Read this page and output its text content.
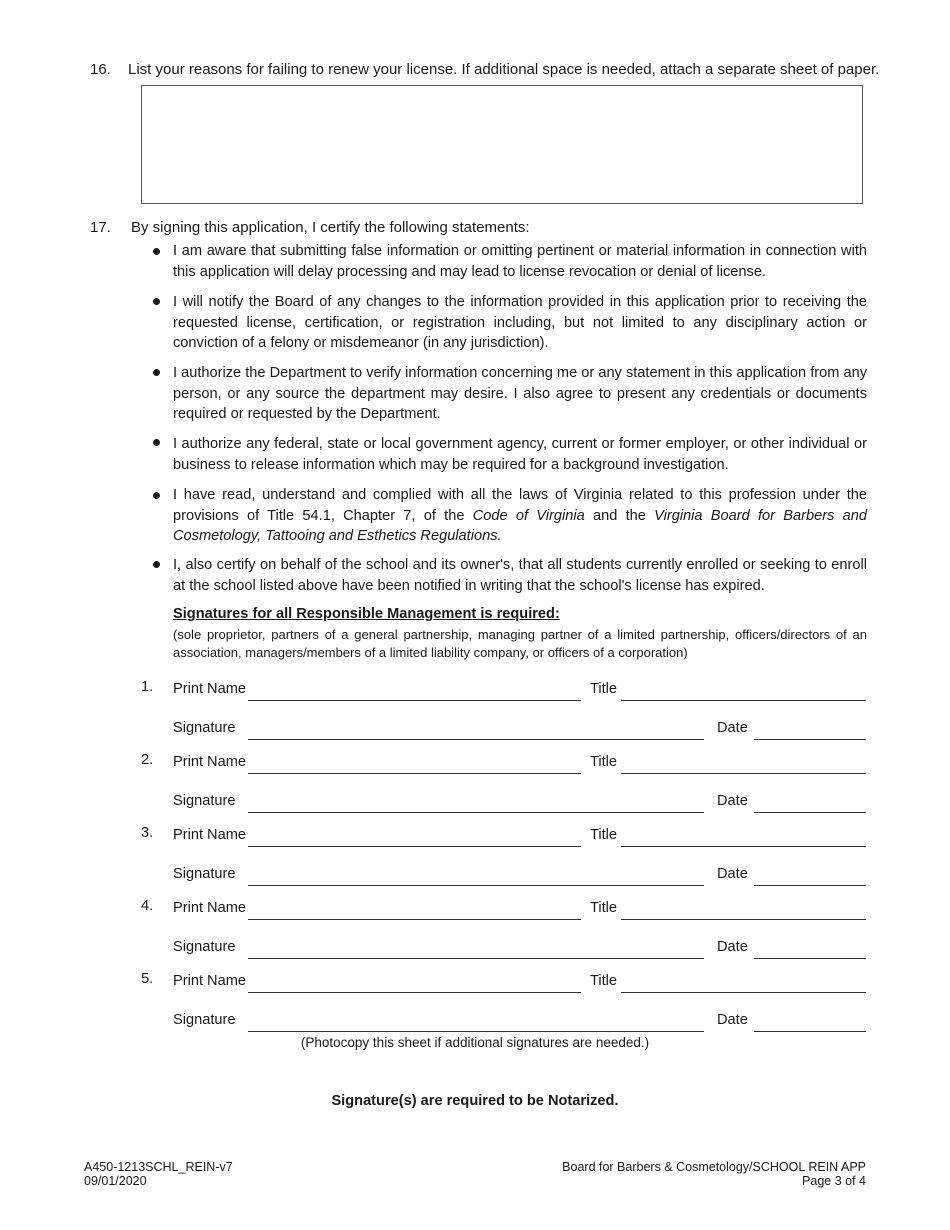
16. List your reasons for failing to renew your license. If additional space is needed, attach a separate sheet of paper.
17. By signing this application, I certify the following statements:
I am aware that submitting false information or omitting pertinent or material information in connection with this application will delay processing and may lead to license revocation or denial of license.
I will notify the Board of any changes to the information provided in this application prior to receiving the requested license, certification, or registration including, but not limited to any disciplinary action or conviction of a felony or misdemeanor (in any jurisdiction).
I authorize the Department to verify information concerning me or any statement in this application from any person, or any source the department may desire. I also agree to present any credentials or documents required or requested by the Department.
I authorize any federal, state or local government agency, current or former employer, or other individual or business to release information which may be required for a background investigation.
I have read, understand and complied with all the laws of Virginia related to this profession under the provisions of Title 54.1, Chapter 7, of the Code of Virginia and the Virginia Board for Barbers and Cosmetology, Tattooing and Esthetics Regulations.
I, also certify on behalf of the school and its owner's, that all students currently enrolled or seeking to enroll at the school listed above have been notified in writing that the school's license has expired.
Signatures for all Responsible Management is required:
(sole proprietor, partners of a general partnership, managing partner of a limited partnership, officers/directors of an association, managers/members of a limited liability company, or officers of a corporation)
1. Print Name	Title
Signature	Date
2. Print Name	Title
Signature	Date
3. Print Name	Title
Signature	Date
4. Print Name	Title
Signature	Date
5. Print Name	Title
Signature	Date
(Photocopy this sheet if additional signatures are needed.)
Signature(s) are required to be Notarized.
A450-1213SCHL_REIN-v7
09/01/2020
Board for Barbers & Cosmetology/SCHOOL REIN APP
Page 3 of 4
